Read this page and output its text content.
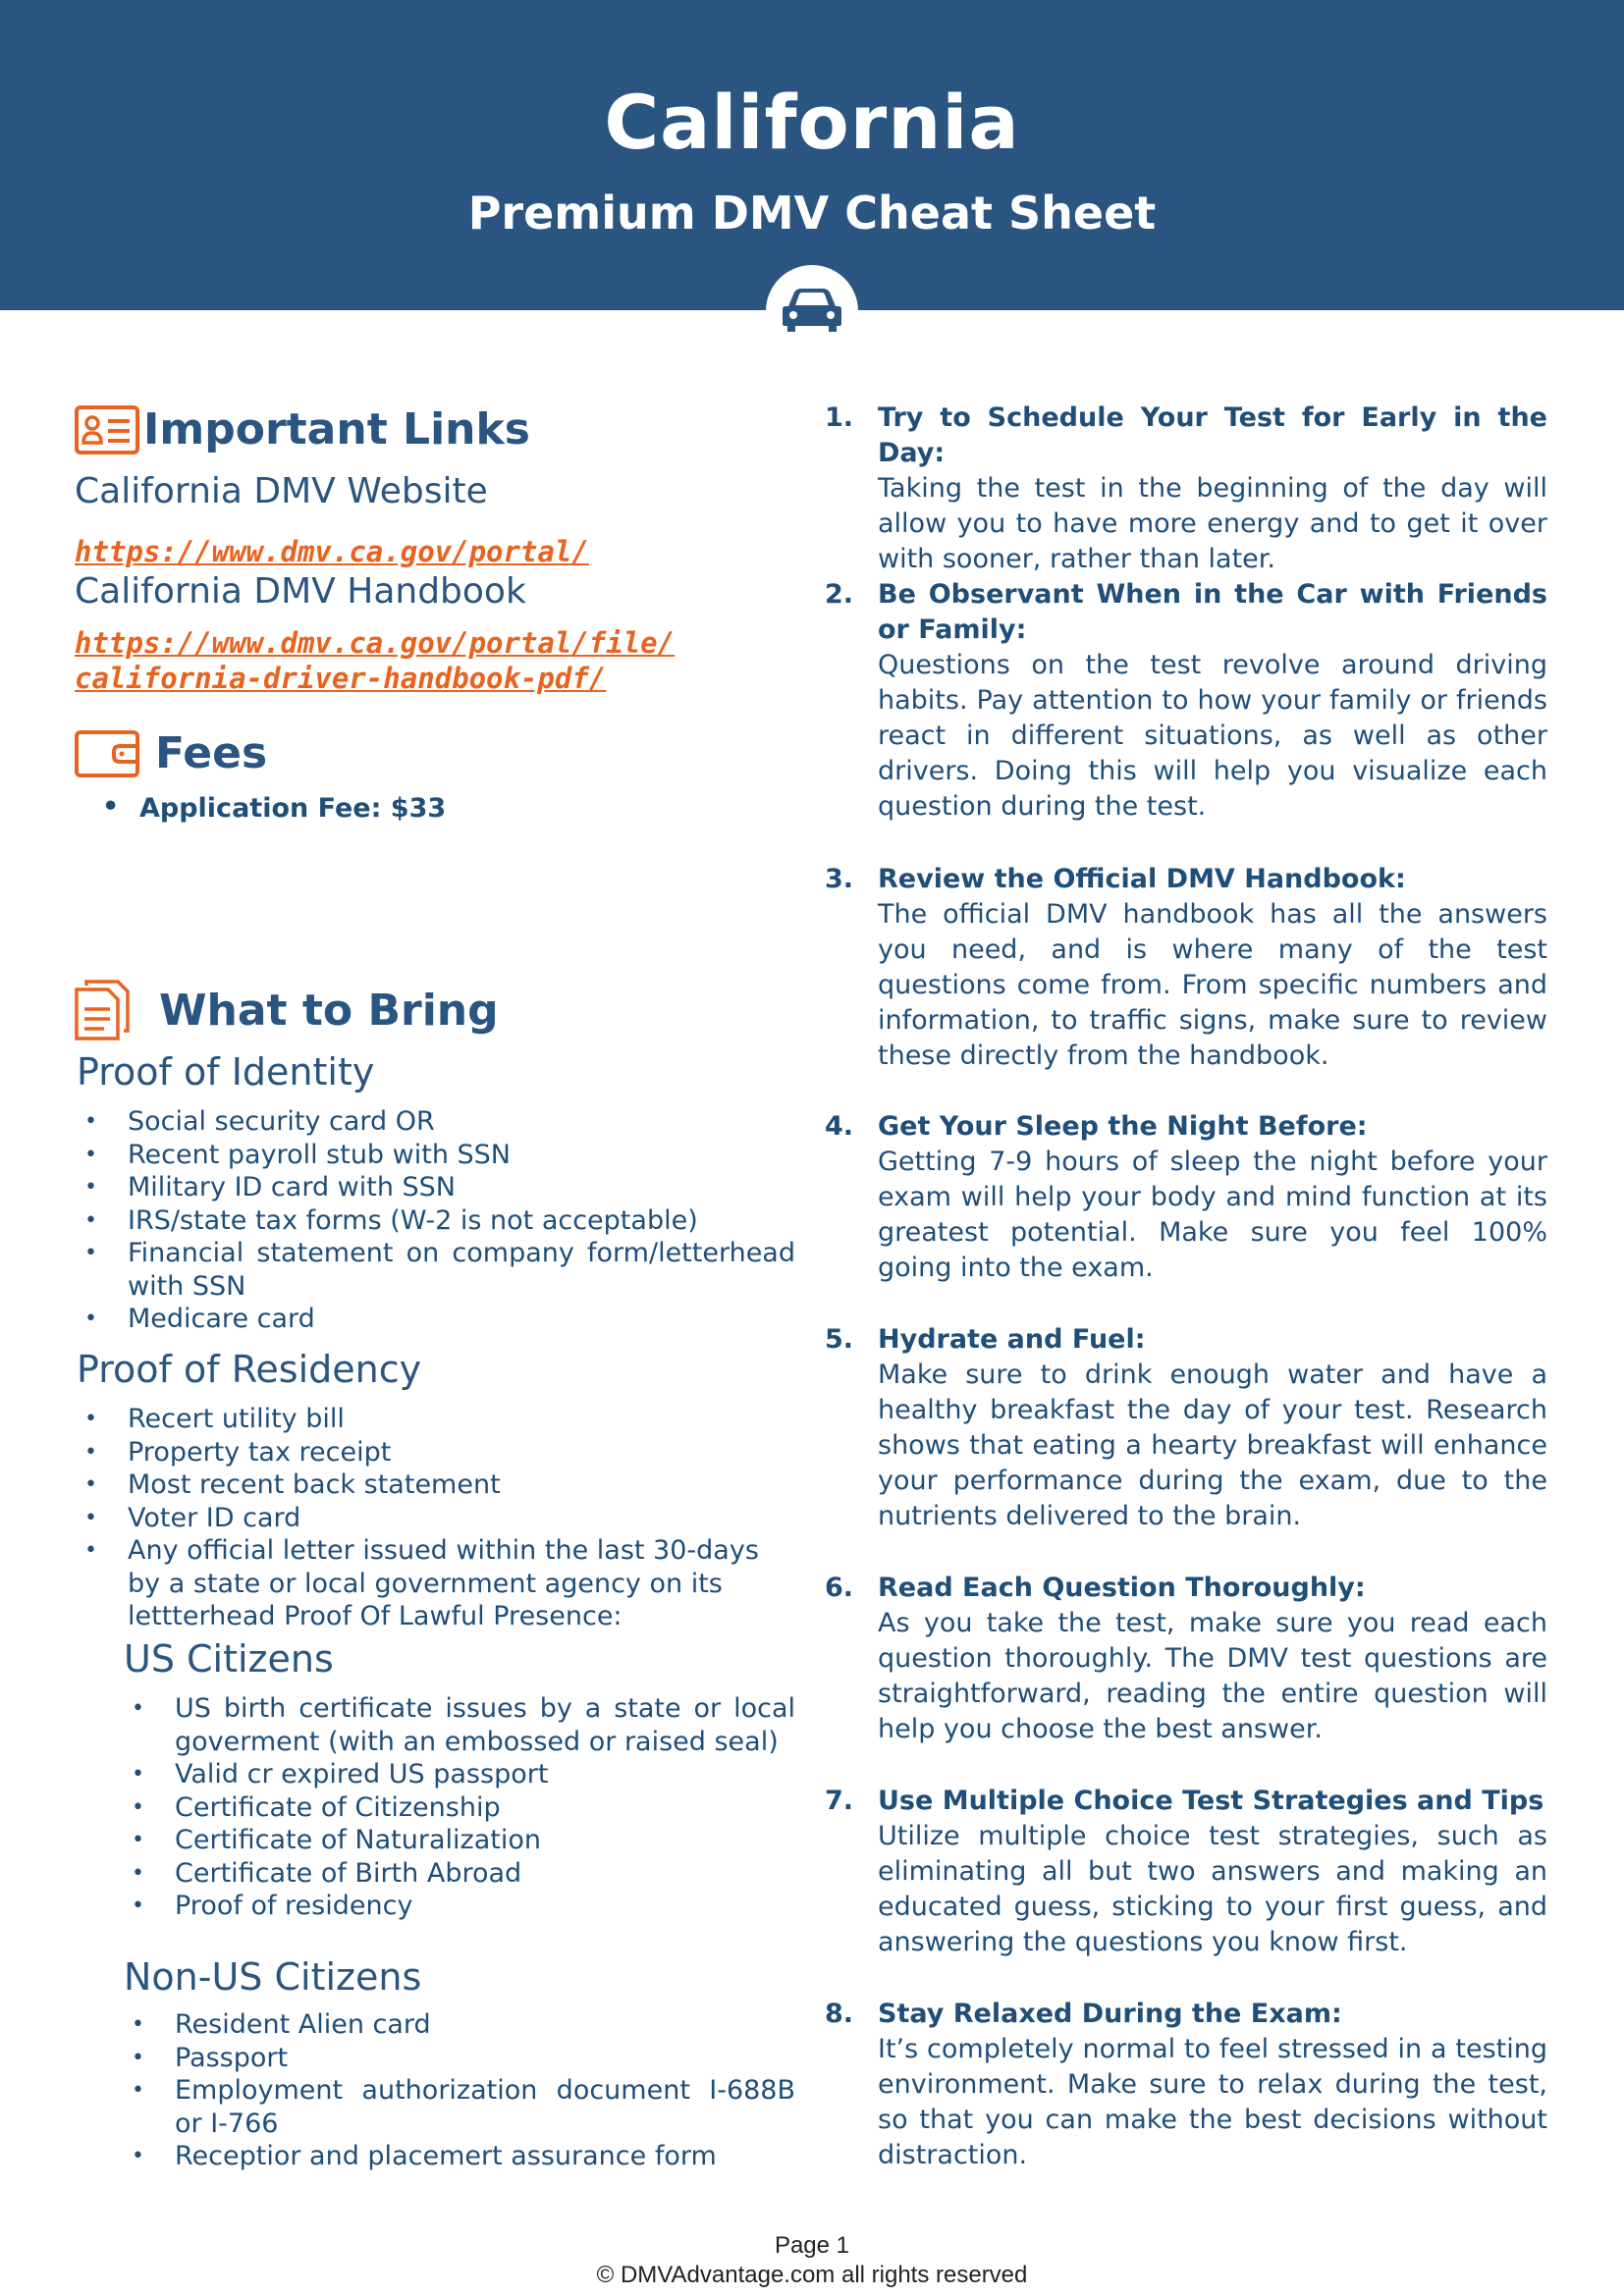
California
Premium DMV Cheat Sheet
Important Links
California DMV Website
https://www.dmv.ca.gov/portal/
California DMV Handbook
https://www.dmv.ca.gov/portal/file/
california-driver-handbook-pdf/
Fees
• Application Fee: $33
What to Bring
Proof of Identity
• Social security card OR
• Recent payroll stub with SSN
• Military ID card with SSN
• IRS/state tax forms (W-2 is not acceptable)
• Financial statement on company form/letterhead with SSN
• Medicare card
Proof of Residency
• Recert utility bill
• Property tax receipt
• Most recent back statement
• Voter ID card
• Any official letter issued within the last 30-days by a state or local government agency on its lettterhead Proof Of Lawful Presence:
US Citizens
• US birth certificate issues by a state or local goverment (with an embossed or raised seal)
• Valid cr expired US passport
• Certificate of Citizenship
• Certificate of Naturalization
• Certificate of Birth Abroad
• Proof of residency
Non-US Citizens
• Resident Alien card
• Passport
• Employment authorization document I-688B or I-766
• Receptior and placemert assurance form
1. Try to Schedule Your Test for Early in the Day:
Taking the test in the beginning of the day will allow you to have more energy and to get it over with sooner, rather than later.
2. Be Observant When in the Car with Friends or Family:
Questions on the test revolve around driving habits. Pay attention to how your family or friends react in different situations, as well as other drivers. Doing this will help you visualize each question during the test.
3. Review the Official DMV Handbook:
The official DMV handbook has all the answers you need, and is where many of the test questions come from. From specific numbers and information, to traffic signs, make sure to review these directly from the handbook.
4. Get Your Sleep the Night Before:
Getting 7-9 hours of sleep the night before your exam will help your body and mind function at its greatest potential. Make sure you feel 100% going into the exam.
5. Hydrate and Fuel:
Make sure to drink enough water and have a healthy breakfast the day of your test. Research shows that eating a hearty breakfast will enhance your performance during the exam, due to the nutrients delivered to the brain.
6. Read Each Question Thoroughly:
As you take the test, make sure you read each question thoroughly. The DMV test questions are straightforward, reading the entire question will help you choose the best answer.
7. Use Multiple Choice Test Strategies and Tips
Utilize multiple choice test strategies, such as eliminating all but two answers and making an educated guess, sticking to your first guess, and answering the questions you know first.
8. Stay Relaxed During the Exam:
It’s completely normal to feel stressed in a testing environment. Make sure to relax during the test, so that you can make the best decisions without distraction.
Page 1
© DMVAdvantage.com all rights reserved
